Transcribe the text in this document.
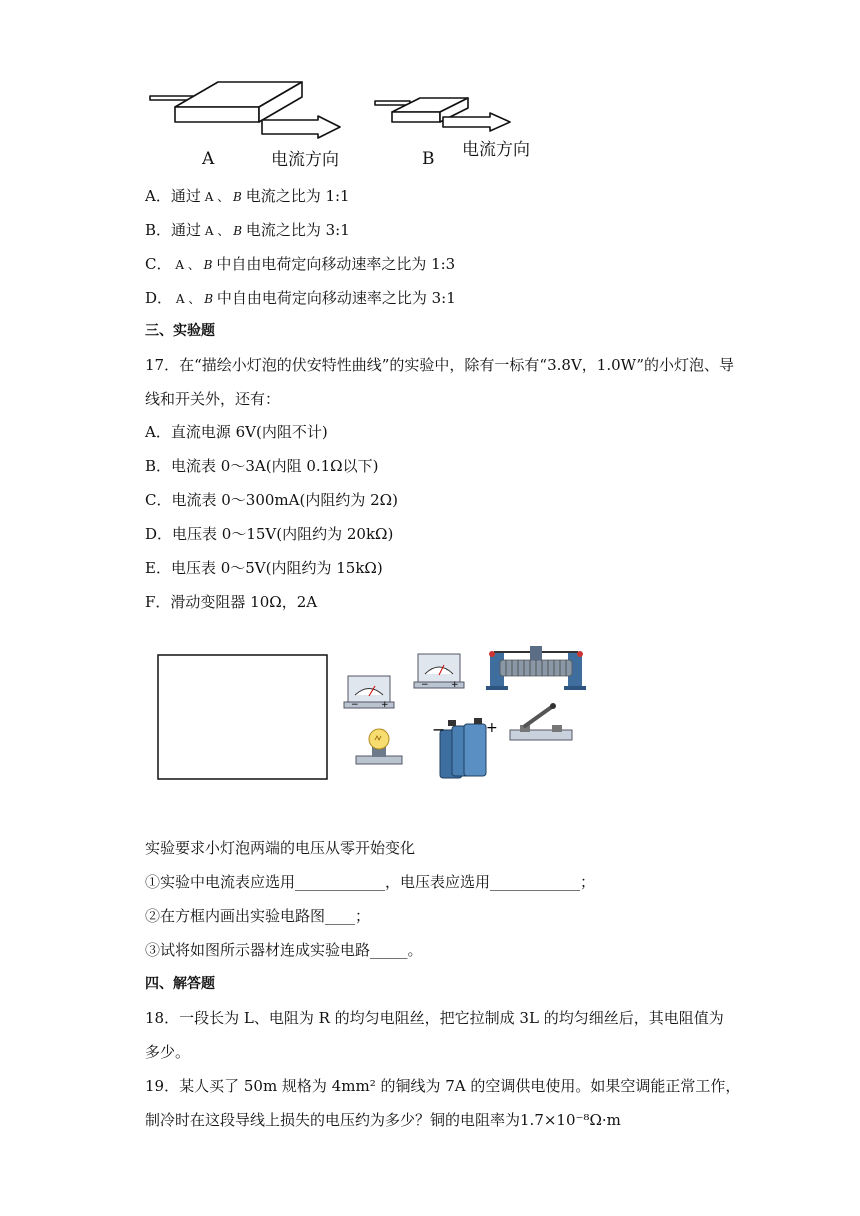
A	电流方向	B 电流方向
A．通过 A 、 B 电流之比为 1:1
B．通过 A 、 B 电流之比为 3:1
C． A 、 B 中自由电荷定向移动速率之比为 1:3
D． A 、 B 中自由电荷定向移动速率之比为 3:1
三、实验题
17．在“描绘小灯泡的伏安特性曲线”的实验中，除有一标有“3.8V，1.0W”的小灯泡、导
线和开关外，还有：
A．直流电源 6V(内阻不计)
B．电流表 0～3A(内阻 0.1Ω以下)
C．电流表 0～300mA(内阻约为 2Ω)
D．电压表 0～15V(内阻约为 20kΩ)
E．电压表 0～5V(内阻约为 15kΩ)
F．滑动变阻器 10Ω，2A
− +
− +
−	+
实验要求小灯泡两端的电压从零开始变化
①实验中电流表应选用____________，电压表应选用____________；
②在方框内画出实验电路图____；
③试将如图所示器材连成实验电路_____。
四、解答题
18．一段长为 L、电阻为 R 的均匀电阻丝，把它拉制成 3L 的均匀细丝后，其电阻值为
多少。
19．某人买了 50m 规格为 4mm² 的铜线为 7A 的空调供电使用。如果空调能正常工作，
制冷时在这段导线上损失的电压约为多少？铜的电阻率为1.7×10⁻⁸Ω·m
